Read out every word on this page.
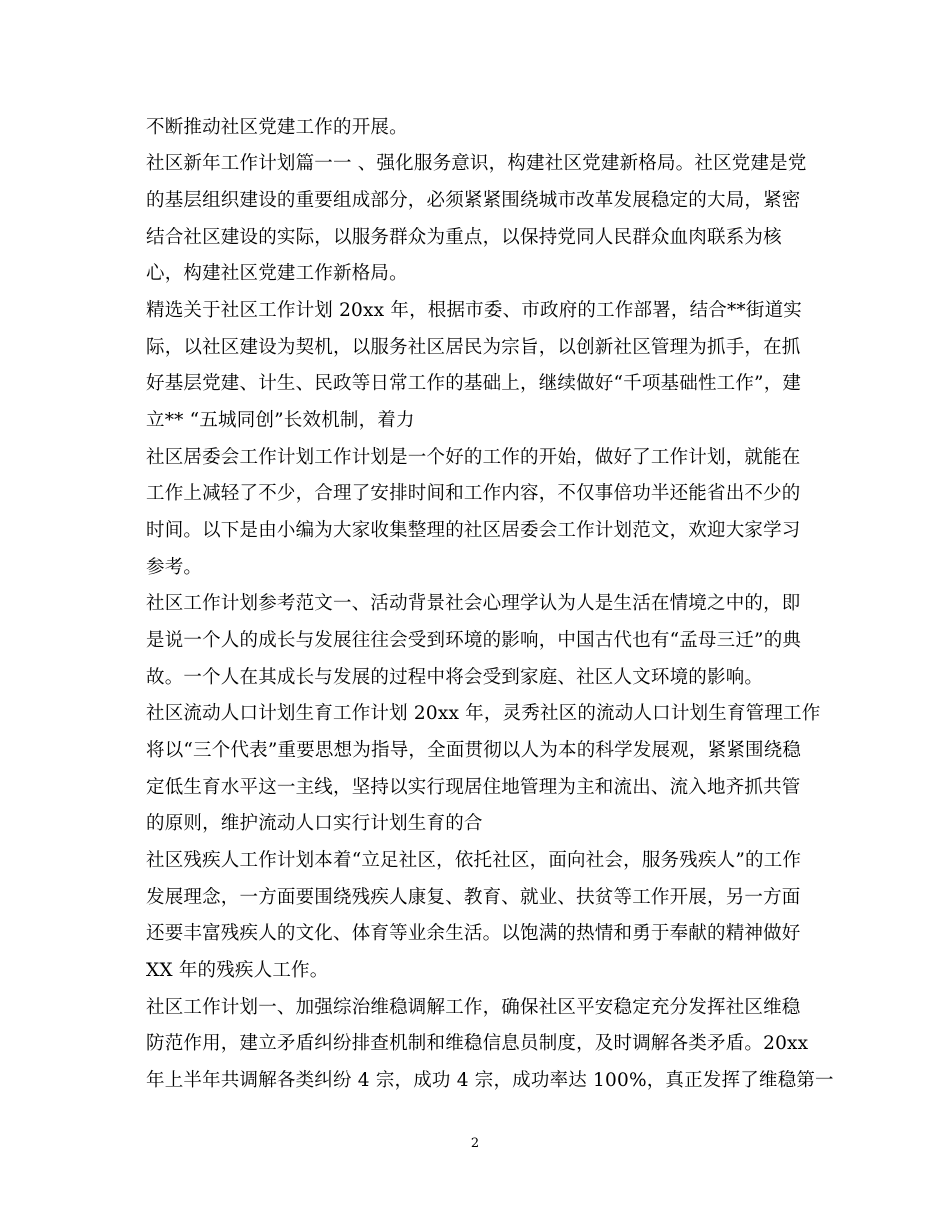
不断推动社区党建工作的开展。

社区新年工作计划篇一一 、强化服务意识，构建社区党建新格局。社区党建是党

的基层组织建设的重要组成部分，必须紧紧围绕城市改革发展稳定的大局，紧密

结合社区建设的实际，以服务群众为重点，以保持党同人民群众血肉联系为核

心，构建社区党建工作新格局。

精选关于社区工作计划 20xx 年，根据市委、市政府的工作部署，结合**街道实

际，以社区建设为契机，以服务社区居民为宗旨，以创新社区管理为抓手，在抓

好基层党建、计生、民政等日常工作的基础上，继续做好“千项基础性工作”，建

立** “五城同创”长效机制，着力

社区居委会工作计划工作计划是一个好的工作的开始，做好了工作计划，就能在

工作上减轻了不少，合理了安排时间和工作内容，不仅事倍功半还能省出不少的

时间。以下是由小编为大家收集整理的社区居委会工作计划范文，欢迎大家学习

参考。

社区工作计划参考范文一、活动背景社会心理学认为人是生活在情境之中的，即

是说一个人的成长与发展往往会受到环境的影响，中国古代也有“孟母三迁”的典

故。一个人在其成长与发展的过程中将会受到家庭、社区人文环境的影响。

社区流动人口计划生育工作计划 20xx 年，灵秀社区的流动人口计划生育管理工作

将以“三个代表”重要思想为指导，全面贯彻以人为本的科学发展观，紧紧围绕稳

定低生育水平这一主线，坚持以实行现居住地管理为主和流出、流入地齐抓共管

的原则，维护流动人口实行计划生育的合

社区残疾人工作计划本着“立足社区，依托社区，面向社会，服务残疾人”的工作

发展理念，一方面要围绕残疾人康复、教育、就业、扶贫等工作开展，另一方面

还要丰富残疾人的文化、体育等业余生活。以饱满的热情和勇于奉献的精神做好

XX 年的残疾人工作。

社区工作计划一、加强综治维稳调解工作，确保社区平安稳定充分发挥社区维稳

防范作用，建立矛盾纠纷排查机制和维稳信息员制度，及时调解各类矛盾。20xx

年上半年共调解各类纠纷 4 宗，成功 4 宗，成功率达 100%，真正发挥了维稳第一

2
